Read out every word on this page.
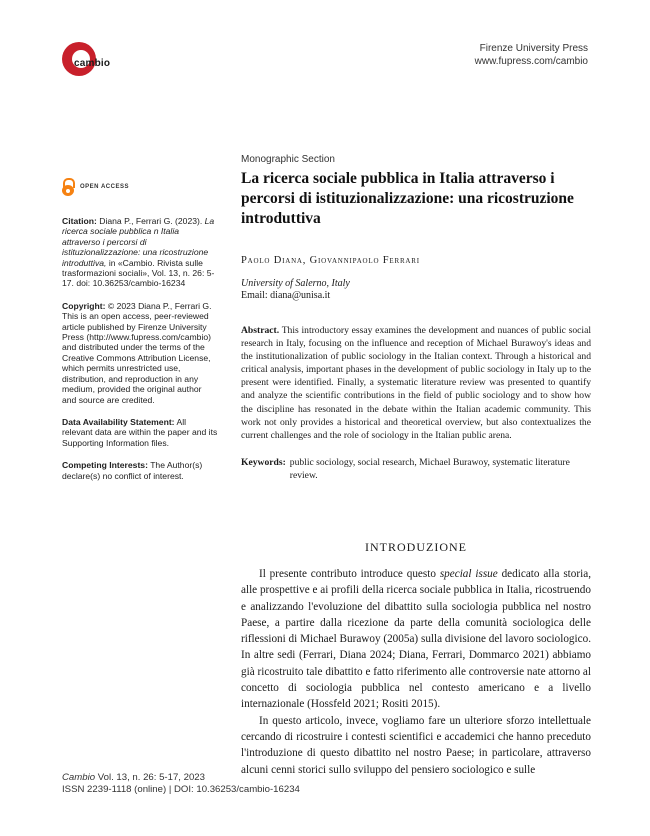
cambio
Firenze University Press
www.fupress.com/cambio
OPEN ACCESS
Citation: Diana P., Ferrari G. (2023). La ricerca sociale pubblica n Italia attraverso i percorsi di istituzionalizzazione: una ricostruzione introduttiva, in «Cambio. Rivista sulle trasformazioni sociali», Vol. 13, n. 26: 5-17. doi: 10.36253/cambio-16234
Copyright: © 2023 Diana P., Ferrari G. This is an open access, peer-reviewed article published by Firenze University Press (http://www.fupress.com/cambio) and distributed under the terms of the Creative Commons Attribution License, which permits unrestricted use, distribution, and reproduction in any medium, provided the original author and source are credited.
Data Availability Statement: All relevant data are within the paper and its Supporting Information files.
Competing Interests: The Author(s) declare(s) no conflict of interest.
Monographic Section
La ricerca sociale pubblica in Italia attraverso i percorsi di istituzionalizzazione: una ricostruzione introduttiva
Paolo Diana, Giovannipaolo Ferrari
University of Salerno, Italy
Email: diana@unisa.it
Abstract. This introductory essay examines the development and nuances of public social research in Italy, focusing on the influence and reception of Michael Burawoy's ideas and the institutionalization of public sociology in the Italian context. Through a historical and critical analysis, important phases in the development of public sociology in Italy up to the present were identified. Finally, a systematic literature review was presented to quantify and analyze the scientific contributions in the field of public sociology and to show how the discipline has resonated in the debate within the Italian academic community. This work not only provides a historical and theoretical overview, but also contextualizes the current challenges and the role of sociology in the Italian public arena.
Keywords: public sociology, social research, Michael Burawoy, systematic literature review.
INTRODUZIONE

Il presente contributo introduce questo special issue dedicato alla storia, alle prospettive e ai profili della ricerca sociale pubblica in Italia, ricostruendo e analizzando l'evoluzione del dibattito sulla sociologia pubblica nel nostro Paese, a partire dalla ricezione da parte della comunità sociologica delle riflessioni di Michael Burawoy (2005a) sulla divisione del lavoro sociologico. In altre sedi (Ferrari, Diana 2024; Diana, Ferrari, Dommarco 2021) abbiamo già ricostruito tale dibattito e fatto riferimento alle controversie nate attorno al concetto di sociologia pubblica nel contesto americano e a livello internazionale (Hossfeld 2021; Rositi 2015).

In questo articolo, invece, vogliamo fare un ulteriore sforzo intellettuale cercando di ricostruire i contesti scientifici e accademici che hanno preceduto l'introduzione di questo dibattito nel nostro Paese; in particolare, attraverso alcuni cenni storici sullo sviluppo del pensiero sociologico e sulle

Cambio Vol. 13, n. 26: 5-17, 2023
ISSN 2239-1118 (online) | DOI: 10.36253/cambio-16234
